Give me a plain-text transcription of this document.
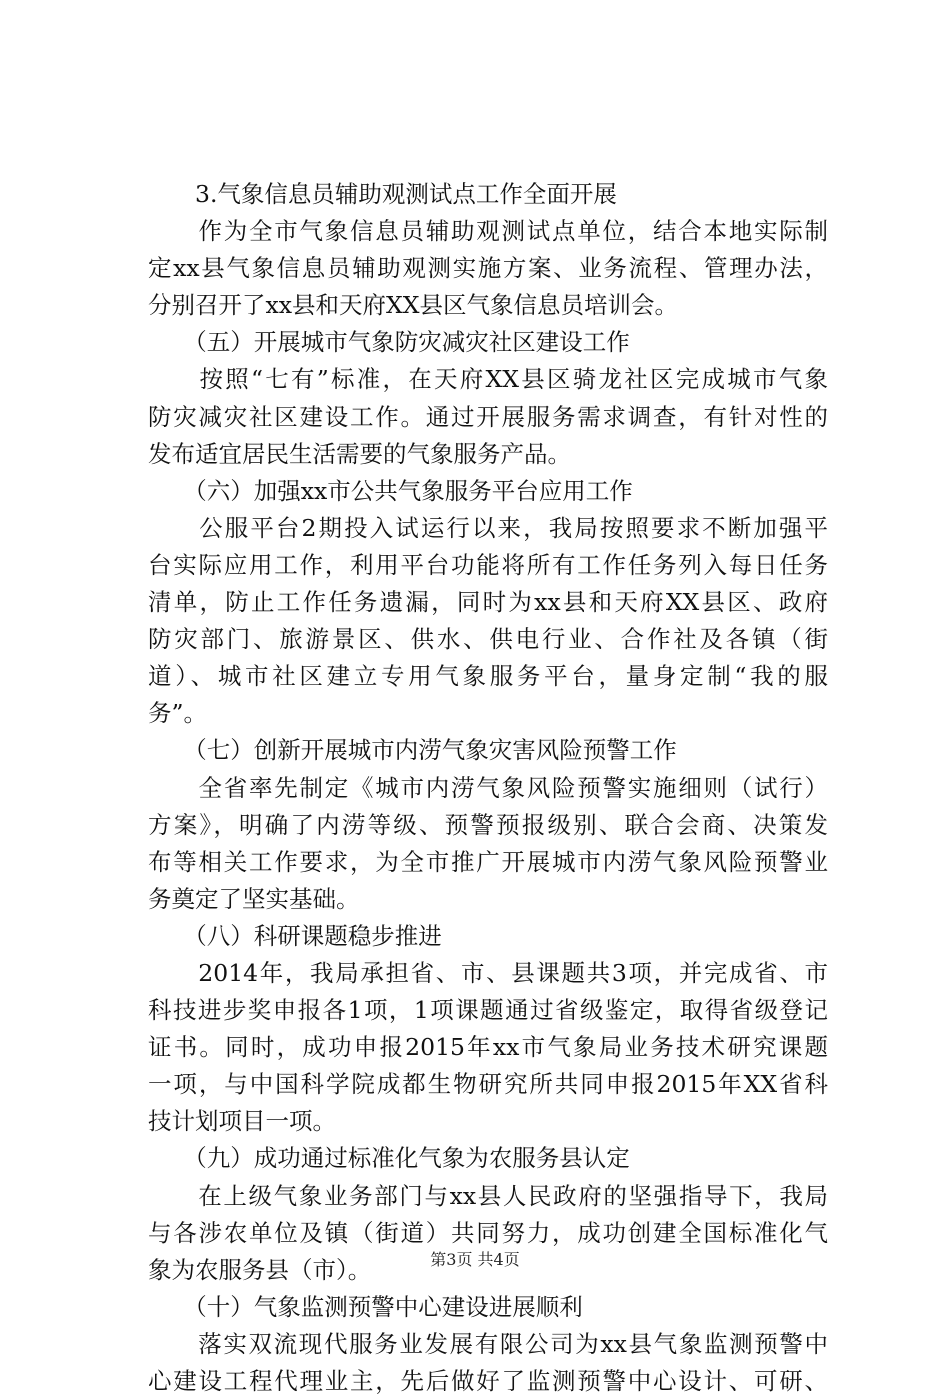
　　3.气象信息员辅助观测试点工作全面开展
　　作为全市气象信息员辅助观测试点单位，结合本地实际制
定xx县气象信息员辅助观测实施方案、业务流程、管理办法，
分别召开了xx县和天府XX县区气象信息员培训会。
　　（五）开展城市气象防灾减灾社区建设工作
　　按照“七有”标准，在天府XX县区骑龙社区完成城市气象
防灾减灾社区建设工作。通过开展服务需求调查，有针对性的
发布适宜居民生活需要的气象服务产品。
　　（六）加强xx市公共气象服务平台应用工作
　　公服平台2期投入试运行以来，我局按照要求不断加强平
台实际应用工作，利用平台功能将所有工作任务列入每日任务
清单，防止工作任务遗漏，同时为xx县和天府XX县区、政府
防灾部门、旅游景区、供水、供电行业、合作社及各镇（街
道）、城市社区建立专用气象服务平台，量身定制“我的服
务”。
　　（七）创新开展城市内涝气象灾害风险预警工作
　　全省率先制定《城市内涝气象风险预警实施细则（试行）
方案》，明确了内涝等级、预警预报级别、联合会商、决策发
布等相关工作要求，为全市推广开展城市内涝气象风险预警业
务奠定了坚实基础。
　　（八）科研课题稳步推进
　　2014年，我局承担省、市、县课题共3项，并完成省、市
科技进步奖申报各1项，1项课题通过省级鉴定，取得省级登记
证书。同时，成功申报2015年xx市气象局业务技术研究课题
一项，与中国科学院成都生物研究所共同申报2015年XX省科
技计划项目一项。
　　（九）成功通过标准化气象为农服务县认定
　　在上级气象业务部门与xx县人民政府的坚强指导下，我局
与各涉农单位及镇（街道）共同努力，成功创建全国标准化气
象为农服务县（市）。
　　（十）气象监测预警中心建设进展顺利
　　落实双流现代服务业发展有限公司为xx县气象监测预警中
心建设工程代理业主，先后做好了监测预警中心设计、可研、
第3页 共4页
